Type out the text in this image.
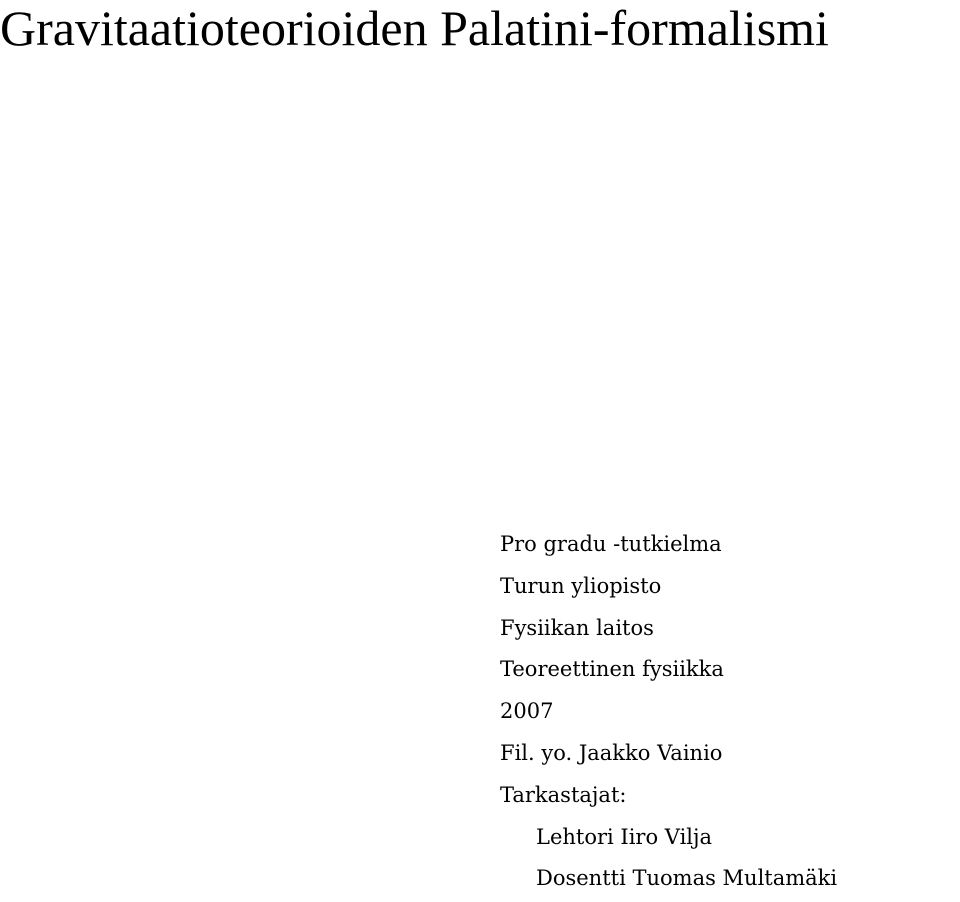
Gravitaatioteorioiden Palatini-formalismi
Pro gradu -tutkielma
Turun yliopisto
Fysiikan laitos
Teoreettinen fysiikka
2007
Fil. yo. Jaakko Vainio
Tarkastajat:
Lehtori Iiro Vilja
Dosentti Tuomas Multamäki
